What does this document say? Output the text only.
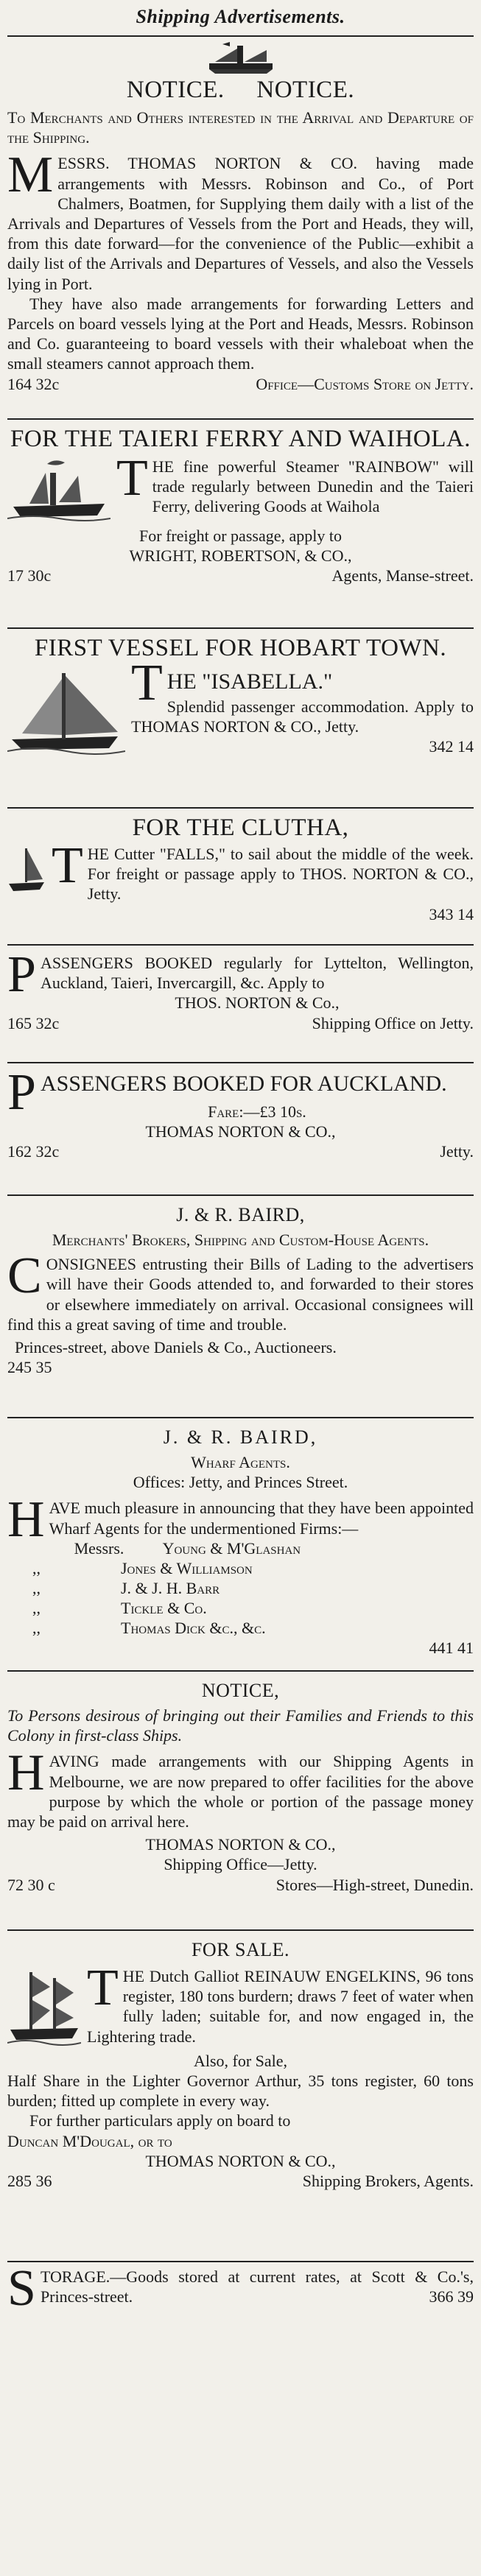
Shipping Advertisements.
NOTICE.     NOTICE.

To Merchants and Others interested in the Arrival and Departure of the Shipping.

MESSRS. THOMAS NORTON & CO. having made arrangements with Messrs. Robinson and Co., of Port Chalmers, Boatmen, for Supplying them daily with a list of the Arrivals and Departures of Vessels from the Port and Heads, they will, from this date forward—for the convenience of the Public—exhibit a daily list of the Arrivals and Departures of Vessels, and also the Vessels lying in Port.

They have also made arrangements for forwarding Letters and Parcels on board vessels lying at the Port and Heads, Messrs. Robinson and Co. guaranteeing to board vessels with their whaleboat when the small steamers cannot approach them.

164 32c	Office—Customs Store on Jetty.
FOR THE TAIERI FERRY AND WAIHOLA.

THE fine powerful Steamer "RAINBOW" will trade regularly between Dunedin and the Taieri Ferry, delivering Goods at Waihola

For freight or passage, apply to

WRIGHT, ROBERTSON, & CO.,

17 30c	Agents, Manse-street.
FIRST VESSEL FOR HOBART TOWN.

THE "ISABELLA."

Splendid passenger accommodation. Apply to THOMAS NORTON & CO., Jetty.

342 14
FOR THE CLUTHA,

THE Cutter "FALLS," to sail about the middle of the week. For freight or passage apply to THOS. NORTON & CO., Jetty.

343 14

PASSENGERS BOOKED regularly for Lyttelton, Wellington, Auckland, Taieri, Invercargill, &c. Apply to

THOS. NORTON & Co.,

165 32c	Shipping Office on Jetty.

PASSENGERS BOOKED FOR AUCKLAND.

Fare:—£3 10s.

THOMAS NORTON & CO.,

162 32c	Jetty.
J. & R. BAIRD,

Merchants' Brokers, Shipping and Custom-House Agents.

CONSIGNEES entrusting their Bills of Lading to the advertisers will have their Goods attended to, and forwarded to their stores or elsewhere immediately on arrival. Occasional consignees will find this a great saving of time and trouble.

Princes-street, above Daniels & Co., Auctioneers.

245 35
J. & R. BAIRD,

Wharf Agents.

Offices: Jetty, and Princes Street.

HAVE much pleasure in announcing that they have been appointed Wharf Agents for the undermentioned Firms:—

Messrs.	Young & M'Glashan
,,	Jones & Williamson
,,	J. & J. H. Barr
,,	Tickle & Co.
,,	Thomas Dick &c., &c.
441 41
NOTICE,

To Persons desirous of bringing out their Families and Friends to this Colony in first-class Ships.

HAVING made arrangements with our Shipping Agents in Melbourne, we are now prepared to offer facilities for the above purpose by which the whole or portion of the passage money may be paid on arrival here.

THOMAS NORTON & CO.,

Shipping Office—Jetty.

72 30 c	Stores—High-street, Dunedin.
FOR SALE.

THE Dutch Galliot REINAUW ENGELKINS, 96 tons register, 180 tons burdern; draws 7 feet of water when fully laden; suitable for, and now engaged in, the Lightering trade.

Also, for Sale,

Half Share in the Lighter Governor Arthur, 35 tons register, 60 tons burden; fitted up complete in every way.

For further particulars apply on board to

Duncan M'Dougal, or to

THOMAS NORTON & CO.,

285 36	Shipping Brokers, Agents.

STORAGE.—Goods stored at current rates, at Scott & Co.'s, Princes-street.	366 39
